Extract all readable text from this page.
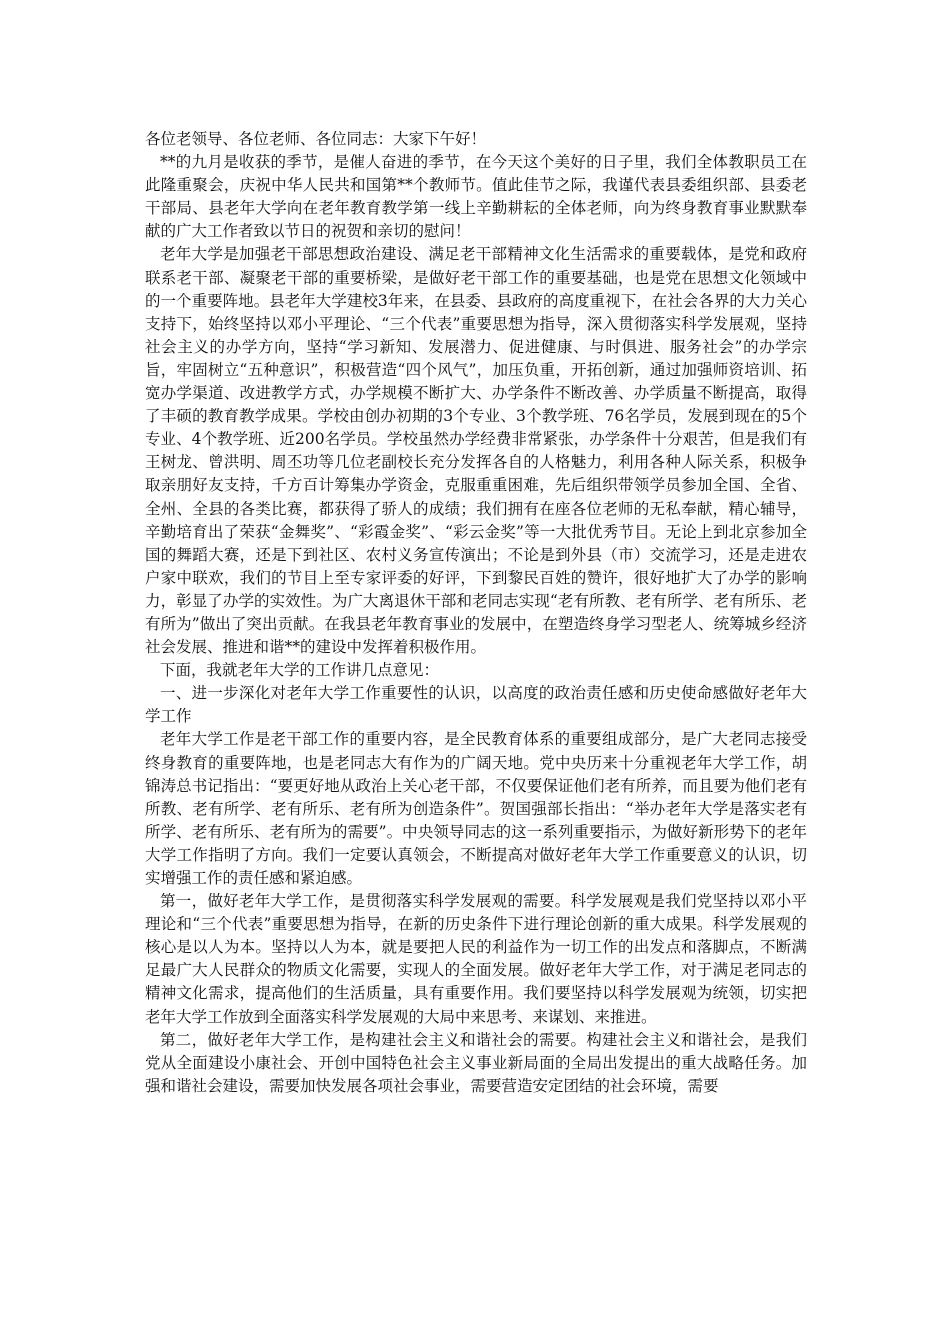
各位老领导、各位老师、各位同志：大家下午好！

**的九月是收获的季节，是催人奋进的季节，在今天这个美好的日子里，我们全体教职员工在此隆重聚会，庆祝中华人民共和国第**个教师节。值此佳节之际，我谨代表县委组织部、县委老干部局、县老年大学向在老年教育教学第一线上辛勤耕耘的全体老师，向为终身教育事业默默奉献的广大工作者致以节日的祝贺和亲切的慰问！

老年大学是加强老干部思想政治建设、满足老干部精神文化生活需求的重要载体，是党和政府联系老干部、凝聚老干部的重要桥梁，是做好老干部工作的重要基础，也是党在思想文化领域中的一个重要阵地。县老年大学建校3年来，在县委、县政府的高度重视下，在社会各界的大力关心支持下，始终坚持以邓小平理论、“三个代表”重要思想为指导，深入贯彻落实科学发展观，坚持社会主义的办学方向，坚持“学习新知、发展潜力、促进健康、与时俱进、服务社会”的办学宗旨，牢固树立“五种意识”，积极营造“四个风气”，加压负重，开拓创新，通过加强师资培训、拓宽办学渠道、改进教学方式，办学规模不断扩大、办学条件不断改善、办学质量不断提高，取得了丰硕的教育教学成果。学校由创办初期的3个专业、3个教学班、76名学员，发展到现在的5个专业、4个教学班、近200名学员。学校虽然办学经费非常紧张，办学条件十分艰苦，但是我们有王树龙、曾洪明、周丕功等几位老副校长充分发挥各自的人格魅力，利用各种人际关系，积极争取亲朋好友支持，千方百计筹集办学资金，克服重重困难，先后组织带领学员参加全国、全省、全州、全县的各类比赛，都获得了骄人的成绩；我们拥有在座各位老师的无私奉献，精心辅导，辛勤培育出了荣获“金舞奖”、“彩霞金奖”、“彩云金奖”等一大批优秀节目。无论上到北京参加全国的舞蹈大赛，还是下到社区、农村义务宣传演出；不论是到外县（市）交流学习，还是走进农户家中联欢，我们的节目上至专家评委的好评，下到黎民百姓的赞许，很好地扩大了办学的影响力，彰显了办学的实效性。为广大离退休干部和老同志实现“老有所教、老有所学、老有所乐、老有所为”做出了突出贡献。在我县老年教育事业的发展中，在塑造终身学习型老人、统筹城乡经济社会发展、推进和谐**的建设中发挥着积极作用。

下面，我就老年大学的工作讲几点意见：

一、进一步深化对老年大学工作重要性的认识，以高度的政治责任感和历史使命感做好老年大学工作

老年大学工作是老干部工作的重要内容，是全民教育体系的重要组成部分，是广大老同志接受终身教育的重要阵地，也是老同志大有作为的广阔天地。党中央历来十分重视老年大学工作，胡锦涛总书记指出：“要更好地从政治上关心老干部，不仅要保证他们老有所养，而且要为他们老有所教、老有所学、老有所乐、老有所为创造条件”。贺国强部长指出：“举办老年大学是落实老有所学、老有所乐、老有所为的需要”。中央领导同志的这一系列重要指示，为做好新形势下的老年大学工作指明了方向。我们一定要认真领会，不断提高对做好老年大学工作重要意义的认识，切实增强工作的责任感和紧迫感。

第一，做好老年大学工作，是贯彻落实科学发展观的需要。科学发展观是我们党坚持以邓小平理论和“三个代表”重要思想为指导，在新的历史条件下进行理论创新的重大成果。科学发展观的核心是以人为本。坚持以人为本，就是要把人民的利益作为一切工作的出发点和落脚点，不断满足最广大人民群众的物质文化需要，实现人的全面发展。做好老年大学工作，对于满足老同志的精神文化需求，提高他们的生活质量，具有重要作用。我们要坚持以科学发展观为统领，切实把老年大学工作放到全面落实科学发展观的大局中来思考、来谋划、来推进。

第二，做好老年大学工作，是构建社会主义和谐社会的需要。构建社会主义和谐社会，是我们党从全面建设小康社会、开创中国特色社会主义事业新局面的全局出发提出的重大战略任务。加强和谐社会建设，需要加快发展各项社会事业，需要营造安定团结的社会环境，需要
